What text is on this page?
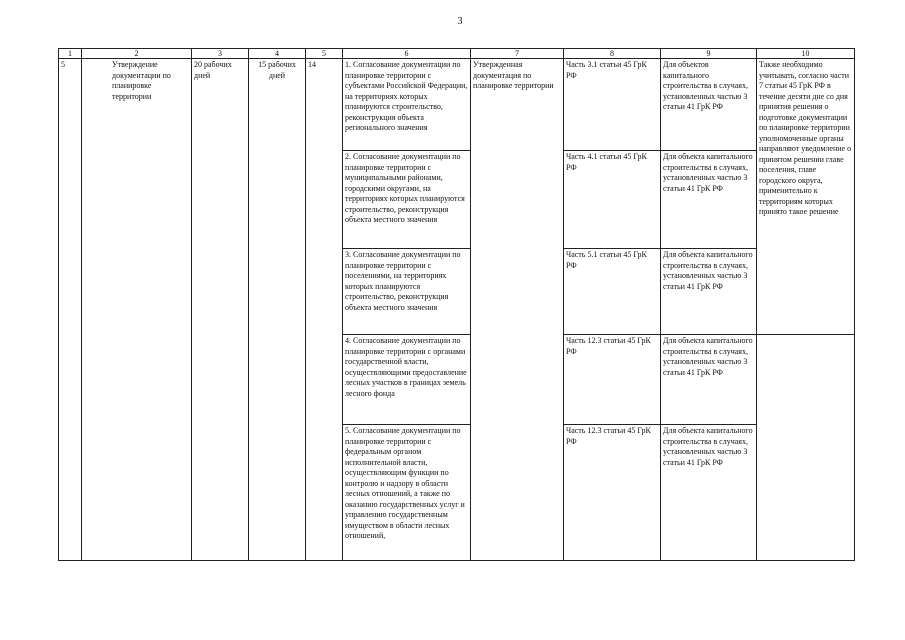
3
1	2	3	4	5	6	7	8	9	10
5	Утверждение документации по планировке территории	20 рабочих дней	15 рабочих дней	14	1. Согласование документации по планировке территории с субъектами Российской Федерации, на территориях которых планируются строительство, реконструкция объекта регионального значения	Утвержденная документация по планировке территории	Часть 3.1 статьи 45 ГрК РФ	Для объектов капитального строительства в случаях, установленных частью 3 статьи 41 ГрК РФ	Также необходимо учитывать, согласно части 7 статьи 45 ГрК РФ в течение десяти дне со дня принятия решения о подготовке документации по планировке территории уполномоченные органы направляют уведомление о принятом решении главе поселения, главе городского округа, применительно к территориям которых принято такое решение
					2. Согласование документации по планировке территории с муниципальными районами, городскими округами, на территориях которых планируются строительство, реконструкция объекта местного значения		Часть 4.1 статьи 45 ГрК РФ	Для объекта капитального строительства в случаях, установленных частью 3 статьи 41 ГрК РФ	
					3. Согласование документации по планировке территории с поселениями, на территориях которых планируются строительство, реконструкция объекта местного значения		Часть 5.1 статьи 45 ГрК РФ	Для объекта капитального строительства в случаях, установленных частью 3 статьи 41 ГрК РФ	
					4. Согласование документации по планировке территории с органами государственной власти, осуществляющими предоставление лесных участков в границах земель лесного фонда		Часть 12.3 статьи 45 ГрК РФ	Для объекта капитального строительства в случаях, установленных частью 3 статьи 41 ГрК РФ	
					5. Согласование документации по планировке территории с федеральным органом исполнительной власти, осуществляющим функции по контролю и надзору в области лесных отношений, а также по оказанию государственных услуг и управлению государственным имуществом в области лесных отношений,		Часть 12.3 статьи 45 ГрК РФ	Для объекта капитального строительства в случаях, установленных частью 3 статьи 41 ГрК РФ	
